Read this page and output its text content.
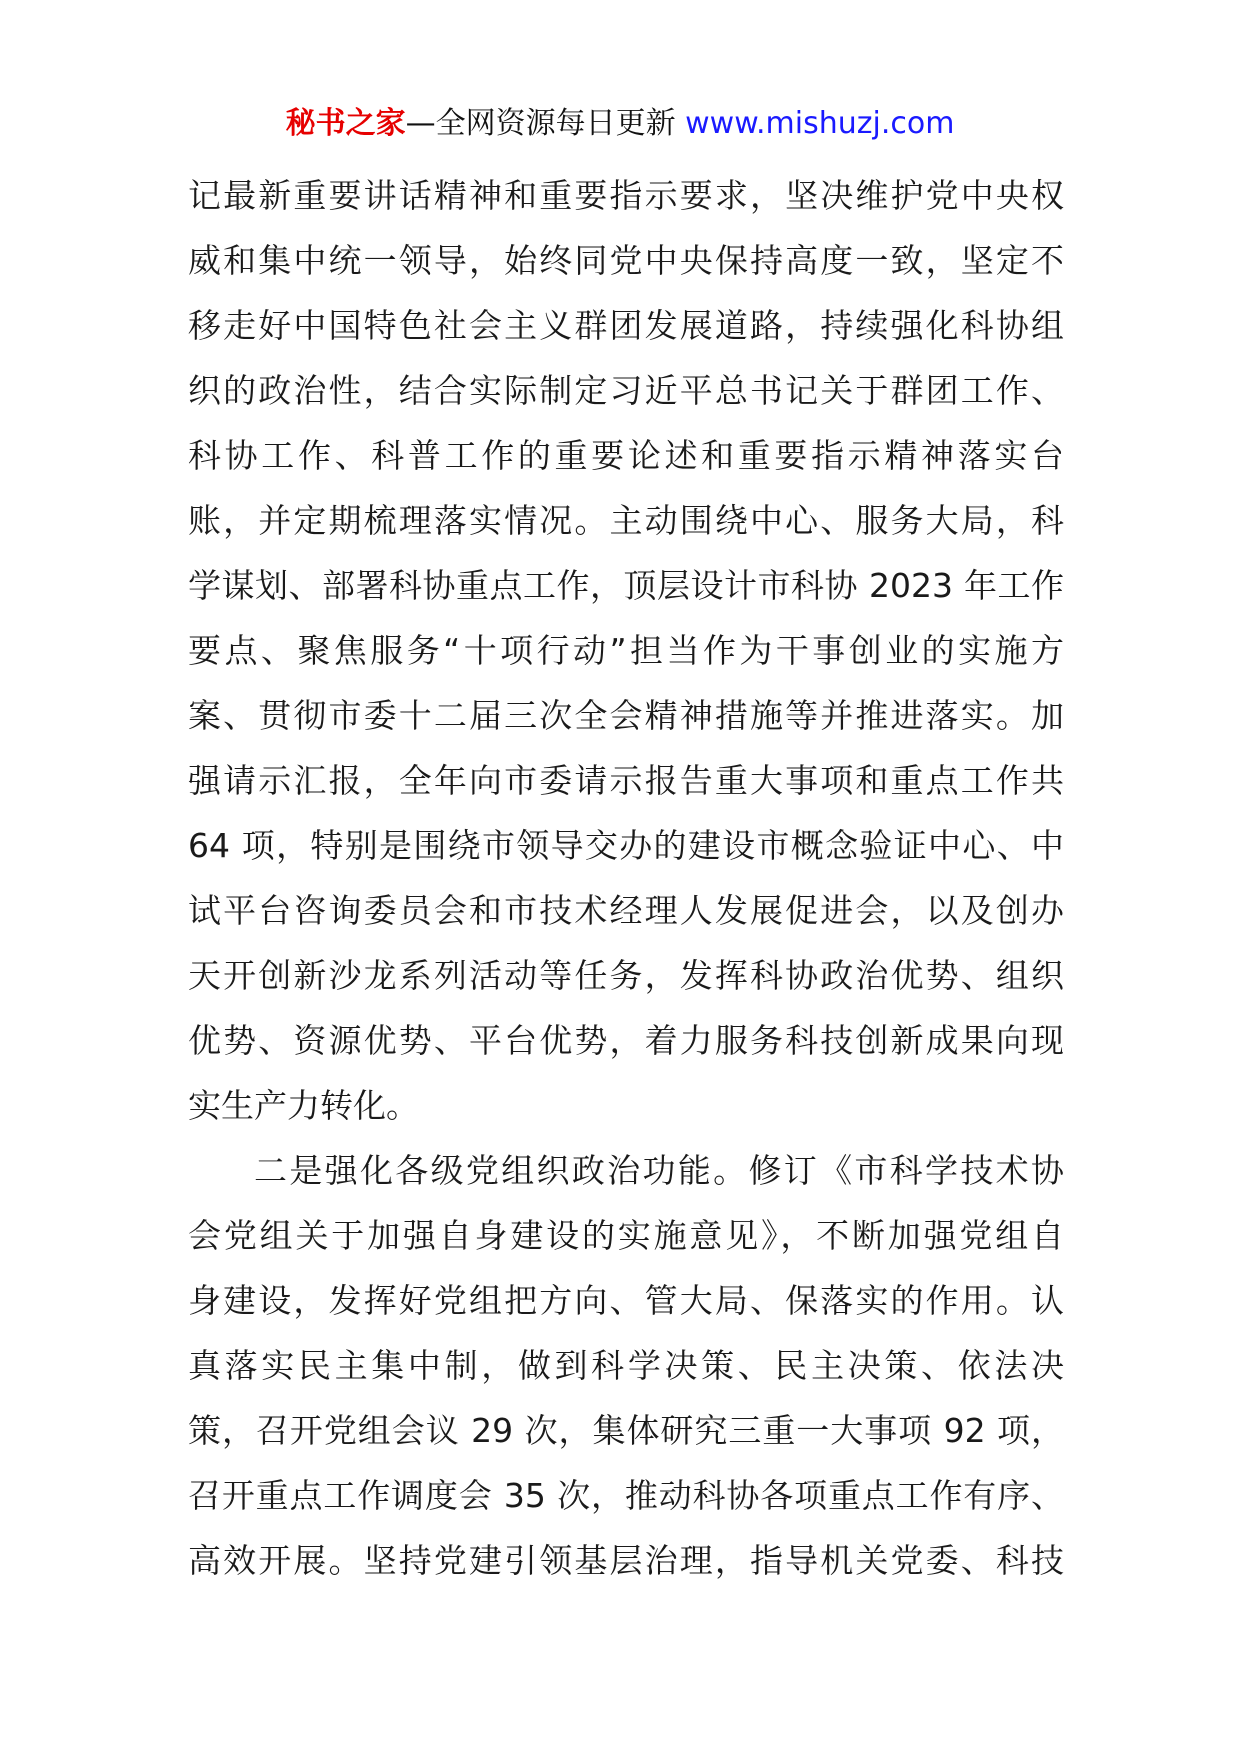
秘书之家—全网资源每日更新 www.mishuzj.com
记最新重要讲话精神和重要指示要求，坚决维护党中央权
威和集中统一领导，始终同党中央保持高度一致，坚定不
移走好中国特色社会主义群团发展道路，持续强化科协组
织的政治性，结合实际制定习近平总书记关于群团工作、
科协工作、科普工作的重要论述和重要指示精神落实台
账，并定期梳理落实情况。主动围绕中心、服务大局，科
学谋划、部署科协重点工作，顶层设计市科协 2023 年工作
要点、聚焦服务“十项行动”担当作为干事创业的实施方
案、贯彻市委十二届三次全会精神措施等并推进落实。加
强请示汇报，全年向市委请示报告重大事项和重点工作共
64 项，特别是围绕市领导交办的建设市概念验证中心、中
试平台咨询委员会和市技术经理人发展促进会，以及创办
天开创新沙龙系列活动等任务，发挥科协政治优势、组织
优势、资源优势、平台优势，着力服务科技创新成果向现
实生产力转化。
二是强化各级党组织政治功能。修订《市科学技术协
会党组关于加强自身建设的实施意见》，不断加强党组自
身建设，发挥好党组把方向、管大局、保落实的作用。认
真落实民主集中制，做到科学决策、民主决策、依法决
策，召开党组会议 29 次，集体研究三重一大事项 92 项，
召开重点工作调度会 35 次，推动科协各项重点工作有序、
高效开展。坚持党建引领基层治理，指导机关党委、科技
